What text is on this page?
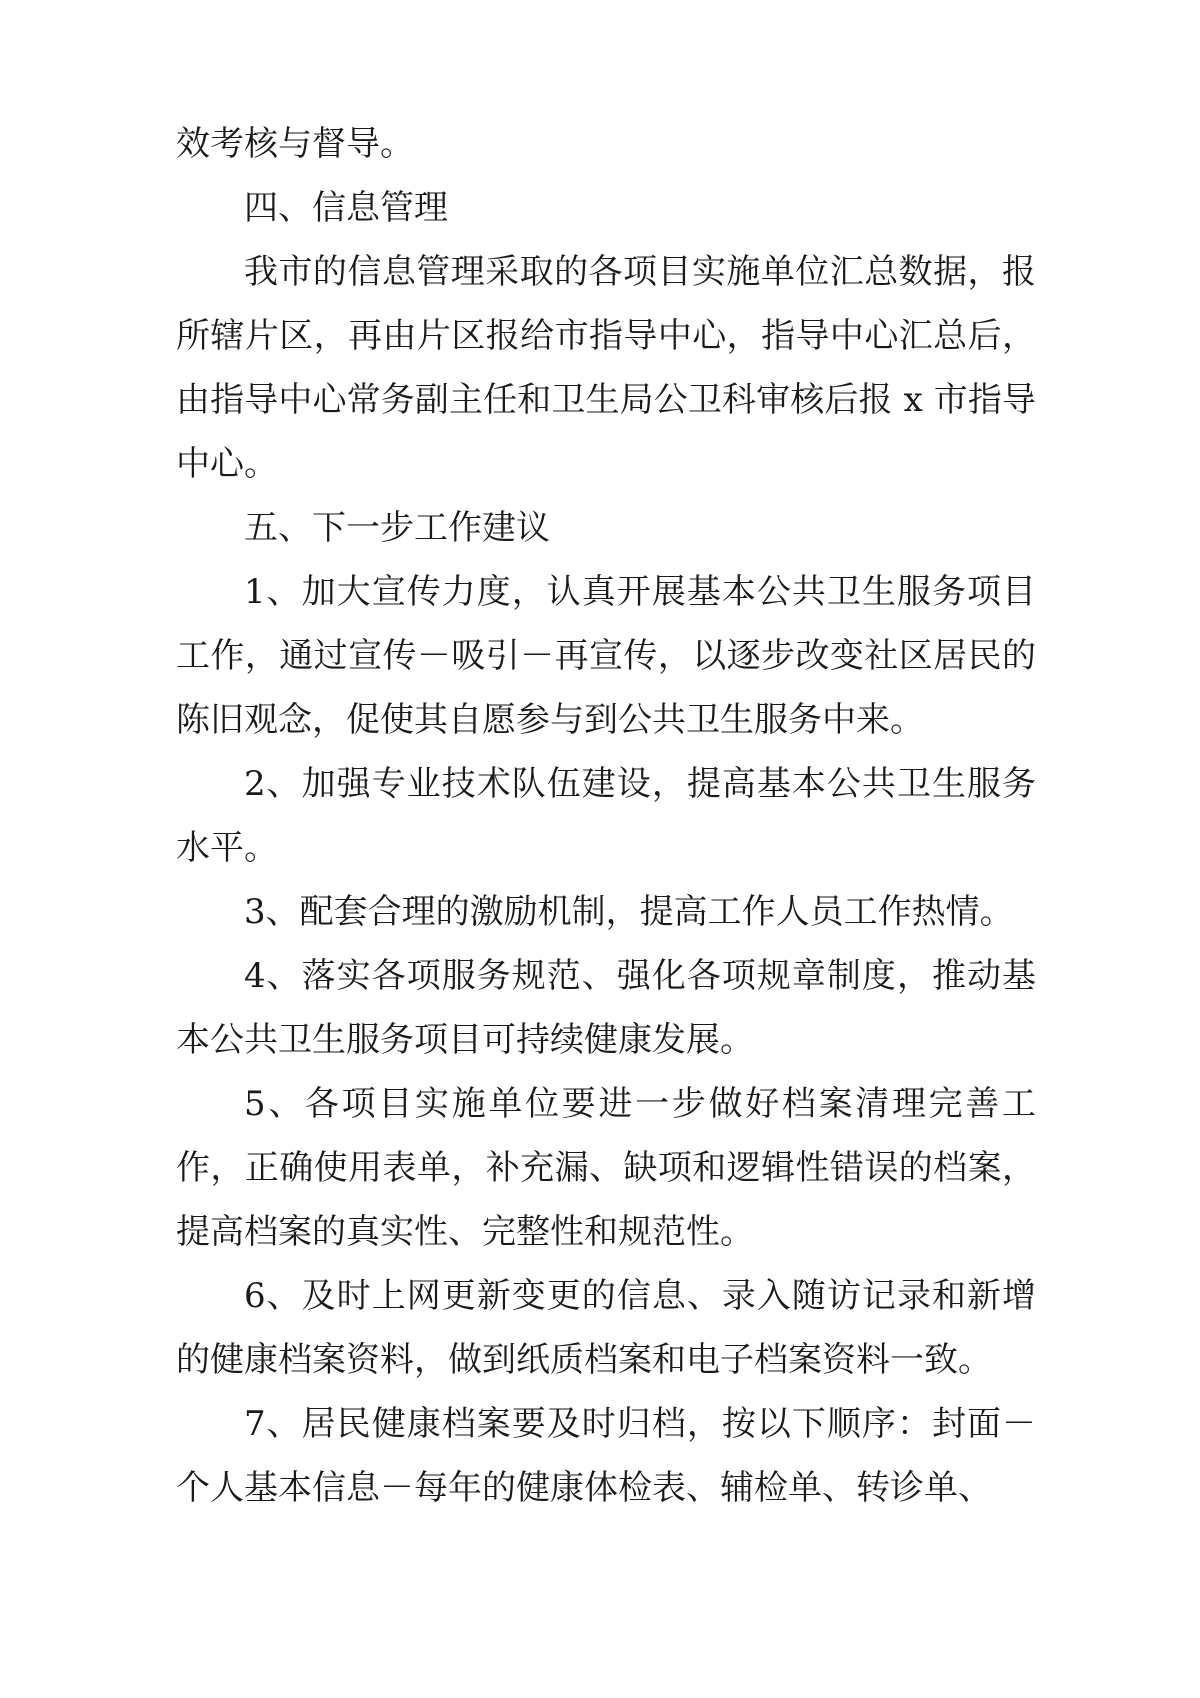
效考核与督导。

四、信息管理

我市的信息管理采取的各项目实施单位汇总数据，报所辖片区，再由片区报给市指导中心，指导中心汇总后，由指导中心常务副主任和卫生局公卫科审核后报 x 市指导中心。

五、下一步工作建议

1、加大宣传力度，认真开展基本公共卫生服务项目工作，通过宣传－吸引－再宣传，以逐步改变社区居民的陈旧观念，促使其自愿参与到公共卫生服务中来。

2、加强专业技术队伍建设，提高基本公共卫生服务水平。

3、配套合理的激励机制，提高工作人员工作热情。

4、落实各项服务规范、强化各项规章制度，推动基本公共卫生服务项目可持续健康发展。

5、各项目实施单位要进一步做好档案清理完善工作，正确使用表单，补充漏、缺项和逻辑性错误的档案，提高档案的真实性、完整性和规范性。

6、及时上网更新变更的信息、录入随访记录和新增的健康档案资料，做到纸质档案和电子档案资料一致。

7、居民健康档案要及时归档，按以下顺序：封面－个人基本信息－每年的健康体检表、辅检单、转诊单、
